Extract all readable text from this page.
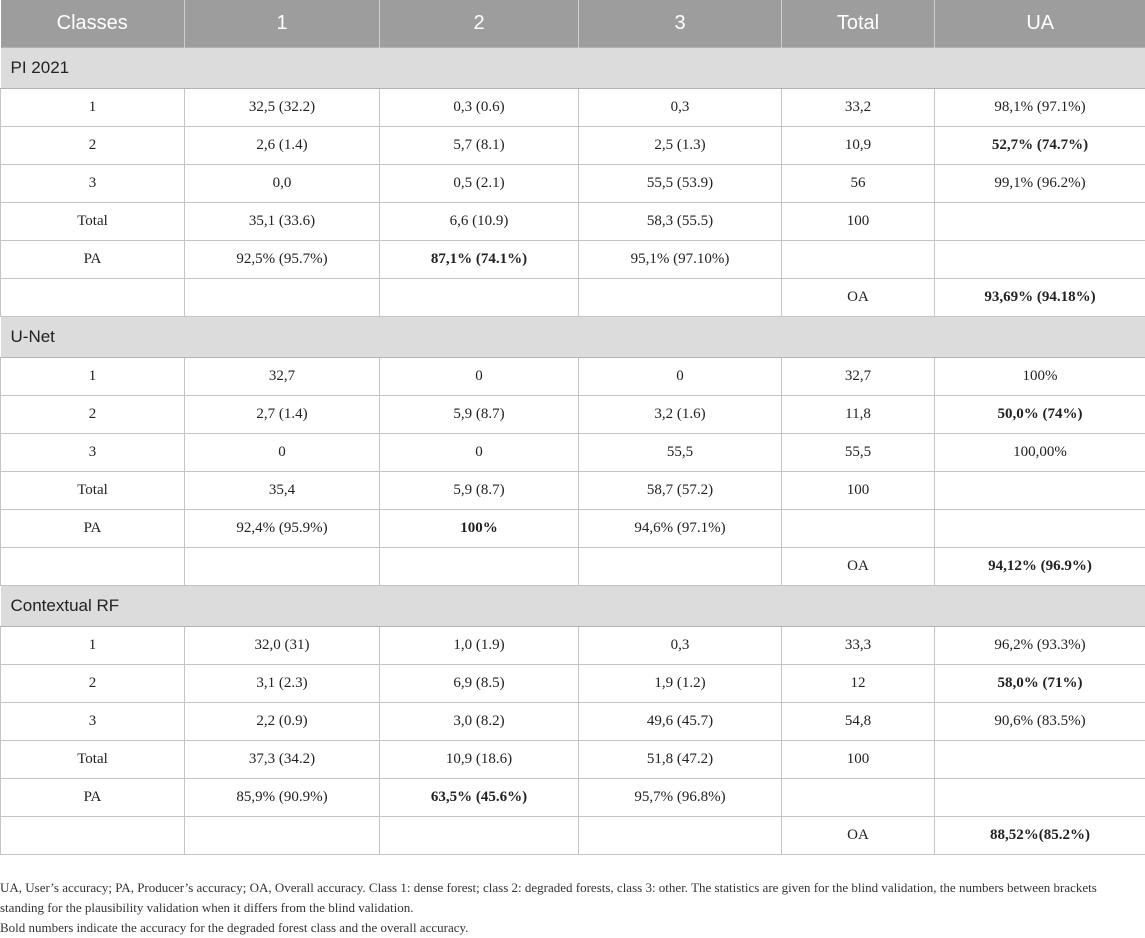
Classes	1	2	3	Total	UA
PI 2021					
1	32,5 (32.2)	0,3 (0.6)	0,3	33,2	98,1% (97.1%)
2	2,6 (1.4)	5,7 (8.1)	2,5 (1.3)	10,9	52,7% (74.7%)
3	0,0	0,5 (2.1)	55,5 (53.9)	56	99,1% (96.2%)
Total	35,1 (33.6)	6,6 (10.9)	58,3 (55.5)	100	
PA	92,5% (95.7%)	87,1% (74.1%)	95,1% (97.10%)		
				OA	93,69% (94.18%)
U-Net					
1	32,7	0	0	32,7	100%
2	2,7 (1.4)	5,9 (8.7)	3,2 (1.6)	11,8	50,0% (74%)
3	0	0	55,5	55,5	100,00%
Total	35,4	5,9 (8.7)	58,7 (57.2)	100	
PA	92,4% (95.9%)	100%	94,6% (97.1%)		
				OA	94,12% (96.9%)
Contextual RF					
1	32,0 (31)	1,0 (1.9)	0,3	33,3	96,2% (93.3%)
2	3,1 (2.3)	6,9 (8.5)	1,9 (1.2)	12	58,0% (71%)
3	2,2 (0.9)	3,0 (8.2)	49,6 (45.7)	54,8	90,6% (83.5%)
Total	37,3 (34.2)	10,9 (18.6)	51,8 (47.2)	100	
PA	85,9% (90.9%)	63,5% (45.6%)	95,7% (96.8%)		
				OA	88,52%(85.2%)

UA, User’s accuracy; PA, Producer’s accuracy; OA, Overall accuracy. Class 1: dense forest; class 2: degraded forests, class 3: other. The statistics are given for the blind validation, the numbers between brackets standing for the plausibility validation when it differs from the blind validation.

Bold numbers indicate the accuracy for the degraded forest class and the overall accuracy.
